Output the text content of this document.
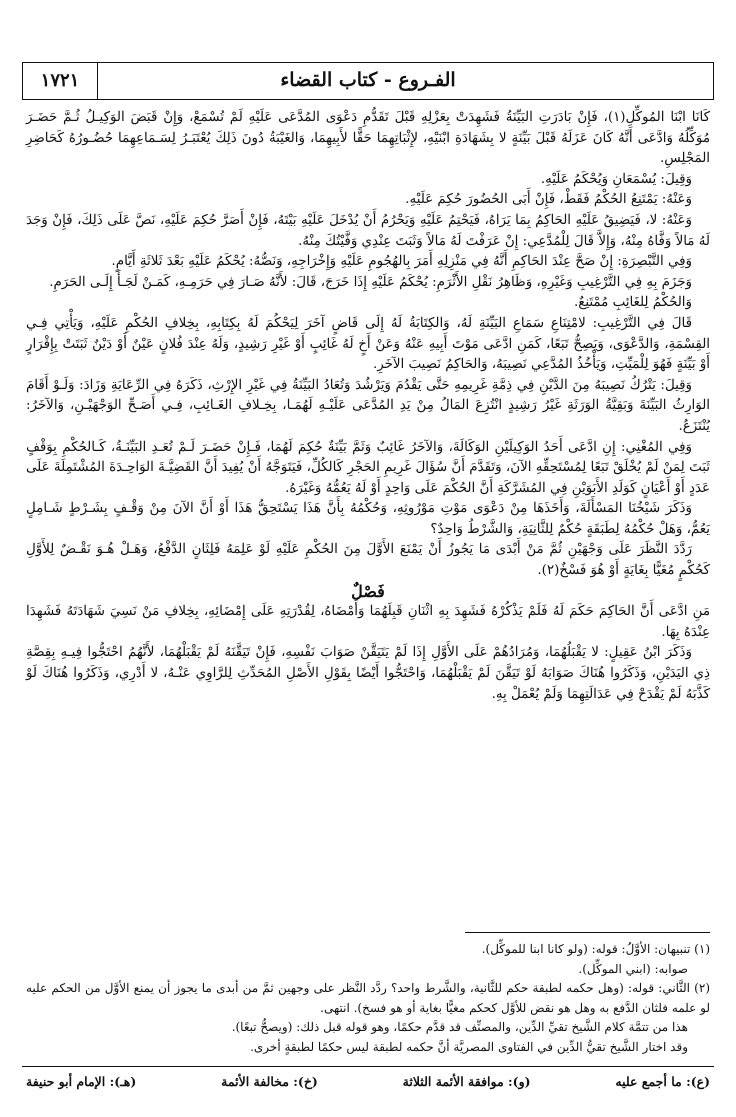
الفـروع - كتاب القضاء
١٧٢١

كَانَا ابْنَا المُوكِّلِ(١)، فَإِنْ بَادَرَتِ البَيِّنَةُ فَشَهِدَتْ بِعَزْلِهِ قَبْلَ تَقَدُّمِ دَعْوَى المُدَّعَى عَلَيْهِ لَمْ تُسْمَعْ، وَإِنْ قَبَضَ الوَكِيـلُ ثُـمَّ حَضَـرَ مُوَكِّلُهُ وَادَّعَى أَنَّهُ كَانَ عَزَلَهُ قَبْلَ بَيِّنَةٍ لا بِشَهَادَةِ ابْنَيْهِ، لإِثْبَاتِهِمَا حَقًّا لأَبِيهِمَا، وَالغَيْبَةُ دُونَ ذَلِكَ يُعْتَبَـرُ لِسَـمَاعِهِمَا حُضُـورُهُ كَحَاضِرِ المَجْلِسِ.

وَقِيلَ: يُسْمَعَانِ وَيُحْكَمُ عَلَيْهِ.

وَعَنْهُ: يَمْتَنِعُ الحُكْمُ فَقَطْ، فَإِنْ أَبَى الحُضُورَ حُكِمَ عَلَيْهِ.

وَعَنْهُ: لا، فَيَضِيقُ عَلَيْهِ الحَاكِمُ بِمَا يَرَاهُ، فَيَحْتِمُ عَلَيْهِ وَيَحْرُمُ أَنْ يُدْخَلَ عَلَيْهِ بَيْتَهُ، فَإِنْ أَصَرَّ حُكِمَ عَلَيْهِ، نَصَّ عَلَى ذَلِكَ، فَإِنْ وَجَدَ لَهُ مَالاً وَفَّاهُ مِنْهُ، وَإِلاَّ قَالَ لِلْمُدَّعِي: إِنْ عَرَفْتَ لَهُ مَالاً وَثَبَتَ عِنْدِي وَفَّيْتُكَ مِنْهُ.

وَفِي التَّبْصِرَةِ: إِنْ صَحَّ عِنْدَ الحَاكِمِ أَنَّهُ فِي مَنْزِلِهِ أَمَرَ بِالهُجُومِ عَلَيْهِ وَإِخْرَاجِهِ، وَنَصُّهُ: يُحْكَمُ عَلَيْهِ بَعْدَ ثَلاثَةِ أَيَّامٍ.

وَجَزَمَ بِهِ فِي التَّرْغِيبِ وَغَيْرِهِ، وَظَاهِرُ نَقْلِ الأَثْرَمِ: يُحْكَمُ عَلَيْهِ إِذَا خَرَجَ، قَالَ: لأَنَّهُ صَـارَ فِي حَرَمِـهِ، كَمَـنْ لَجَـأَ إِلَـى الحَرَمِ.

وَالحُكْمُ لِلغَائِبِ مُمْتَنِعٌ.

قَالَ فِي التَّرْغِيبِ: لامْتِنَاعِ سَمَاعِ البَيِّنَةِ لَهُ، وَالكِتَابَةُ لَهُ إِلَى قَاضٍ آخَرَ لِيَحْكُمَ لَهُ بِكِتَابِهِ، بِخِلافِ الحُكْمِ عَلَيْهِ، وَيَأْتِي فِـي القِسْمَةِ، وَالدَّعْوَى، وَيَصِحُّ تَبَعًا، كَمَنِ ادَّعَى مَوْتَ أَبِيهِ عَنْهُ وَعَنْ أَخٍ لَهُ غَائِبٍ أَوْ غَيْرِ رَشِيدٍ، وَلَهُ عِنْدَ فُلانٍ عَيْنٌ أَوْ دَيْنٌ ثَبَتَتْ بِإِقْرَارٍ أَوْ بَيِّنَةٍ فَهُوَ لِلْمَيِّتِ، وَيَأْخُذُ المُدَّعِي نَصِيبَهُ، وَالحَاكِمُ نَصِيبَ الآخَرِ.

وَقِيلَ: يَتْرُكُ نَصِيبَهُ مِنَ الدَّيْنِ فِي ذِمَّةِ غَرِيمِهِ حَتَّى يَقْدُمَ وَيَرْشُدَ وَتُعَادُ البَيِّنَةُ فِي غَيْرِ الإِرْثِ، ذَكَرَهُ فِي الرِّعَايَةِ وَزَادَ: وَلَـوْ أَقَامَ الوَارِثُ البَيِّنَةَ وَبَقِيَّةُ الوَرَثَةِ غَيْرُ رَشِيدٍ انْتُزِعَ المَالُ مِنْ يَدِ المُدَّعَى عَلَيْـهِ لَهُمَـا، بِخِـلافِ الغَـائِبِ، فِـي أَصَـحِّ الوَجْهَيْـنِ، وَالآخَرُ: يُنْتَزَعُ.

وَفِي المُغْنِي: إِنِ ادَّعَى أَحَدُ الوَكِيلَيْنِ الوَكَالَةَ، وَالآخَرُ غَائِبٌ وَثَمَّ بَيِّنَةٌ حُكِمَ لَهُمَا، فَـإِنْ حَضَـرَ لَـمْ تُعَـدِ البَيِّنَـةُ، كَـالحُكْمِ بِوَقْفٍ ثَبَتَ لِمَنْ لَمْ يُخْلَقْ تَبَعًا لِمُسْتَحِقِّهِ الآنَ، وَتَقَدَّمَ أَنَّ سُؤَالَ غَرِيمِ الحَجْرِ كَالكُلِّ، فَيَتَوَجَّهُ أَنْ يُفِيدَ أَنَّ القَضِيَّـةَ الوَاحِـدَةَ المُشْتَمِلَةَ عَلَى عَدَدٍ أَوْ أَعْيَانٍ كَوَلَدِ الأَبَوَيْنِ فِي المُشَرَّكَةِ أَنَّ الحُكْمَ عَلَى وَاحِدٍ أَوْ لَهُ يَعُمُّهُ وَغَيْرَهُ.

وَذَكَرَ شَيْخُنَا المَسْأَلَةَ، وَأَخَذَهَا مِنْ دَعْوَى مَوْتِ مَوْرُوثِهِ، وَحُكْمُهُ بِأَنَّ هَذَا يَسْتَحِقُّ هَذَا أَوْ أَنَّ الآنَ مِنْ وَقْـفٍ بِشَـرْطٍ شَـامِلٍ يَعُمُّ، وَهَلْ حُكْمُهُ لِطَبَقَةٍ حُكْمٌ لِلثَّانِيَةِ، وَالشَّرْطُ وَاحِدٌ؟

رَدَّدَ النَّظَرَ عَلَى وَجْهَيْنِ ثُمَّ مَنْ أَبْدَى مَا يَجُوزُ أَنْ يَمْنَعَ الأَوَّلَ مِنَ الحُكْمِ عَلَيْهِ لَوْ عَلِمَهُ فَلِثَانٍ الدَّفْعُ، وَهَـلْ هُـوَ نَقْـضٌ لِلأَوَّلِ كَحُكْمٍ مُغَيًّا بِغَايَةٍ أَوْ هُوَ فَسْخٌ(٢).

فَصْلٌ

مَنِ ادَّعَى أَنَّ الحَاكِمَ حَكَمَ لَهُ فَلَمْ يَذْكُرْهُ فَشَهِدَ بِهِ اثْنَانِ قَبِلَهُمَا وَأَمْضَاهُ، لِقُدْرَتِهِ عَلَى إِمْضَائِهِ، بِخِلافِ مَنْ نَسِيَ شَهَادَتَهُ فَشَهِدَا عِنْدَهُ بِهَا.

وَذَكَرَ ابْنُ عَقِيلٍ: لا يَقْبَلُهُمَا، وَمُرَادُهُمْ عَلَى الأَوَّلِ إِذَا لَمْ يَتَيَقَّنْ صَوَابَ نَفْسِهِ، فَإِنْ تَيَقَّنَهُ لَمْ يَقْبَلْهُمَا، لأَنَّهُمُ احْتَجُّوا فِيـهِ بِقِصَّةِ ذِي اليَدَيْنِ، وَذَكَرُوا هُنَاكَ صَوَابَهُ لَوْ تَيَقَّنَ لَمْ يَقْبَلْهُمَا، وَاحْتَجُّوا أَيْضًا بِقَوْلِ الأَصْلِ المُحَدِّثِ لِلرَّاوِي عَنْـهُ، لا أَدْرِي، وَذَكَرُوا هُنَاكَ لَوْ كَذَّبَهُ لَمْ يَقْدَحْ فِي عَدَالَتِهِمَا وَلَمْ يُعْمَلْ بِهِ.

(١) تنبيهان: الأوَّلُ: قوله: (ولو كانا ابنا للموكِّل).

صوابه: (ابني الموكِّل).

(٢) الثَّاني: قوله: (وهل حكمه لطبقة حكم للثَّانية، والشَّرط واحد؟ ردَّد النَّظر على وجهين ثمَّ من أبدى ما يجوز أن يمنع الأوَّل من الحكم عليه لو علمه فلثان الدَّفع به وهل هو نقض للأوَّل كحكم مغيًّا بغاية أو هو فسخ). انتهى.

هذا من تتمَّة كلام الشَّيخ تقيِّ الدِّين، والمصنِّف قد قدَّم حكمًا، وهو قوله قبل ذلك: (ويصحُّ تبعًا).

وقد اختار الشَّيخ تقيُّ الدِّين في الفتاوى المصريَّة أنَّ حكمه لطبقة ليس حكمًا لطبقةٍ أخرى.

(ع): ما أجمع عليه
(و): موافقة الأئمة الثلاثة
(خ): مخالفة الأئمة
(هـ): الإمام أبو حنيفة
